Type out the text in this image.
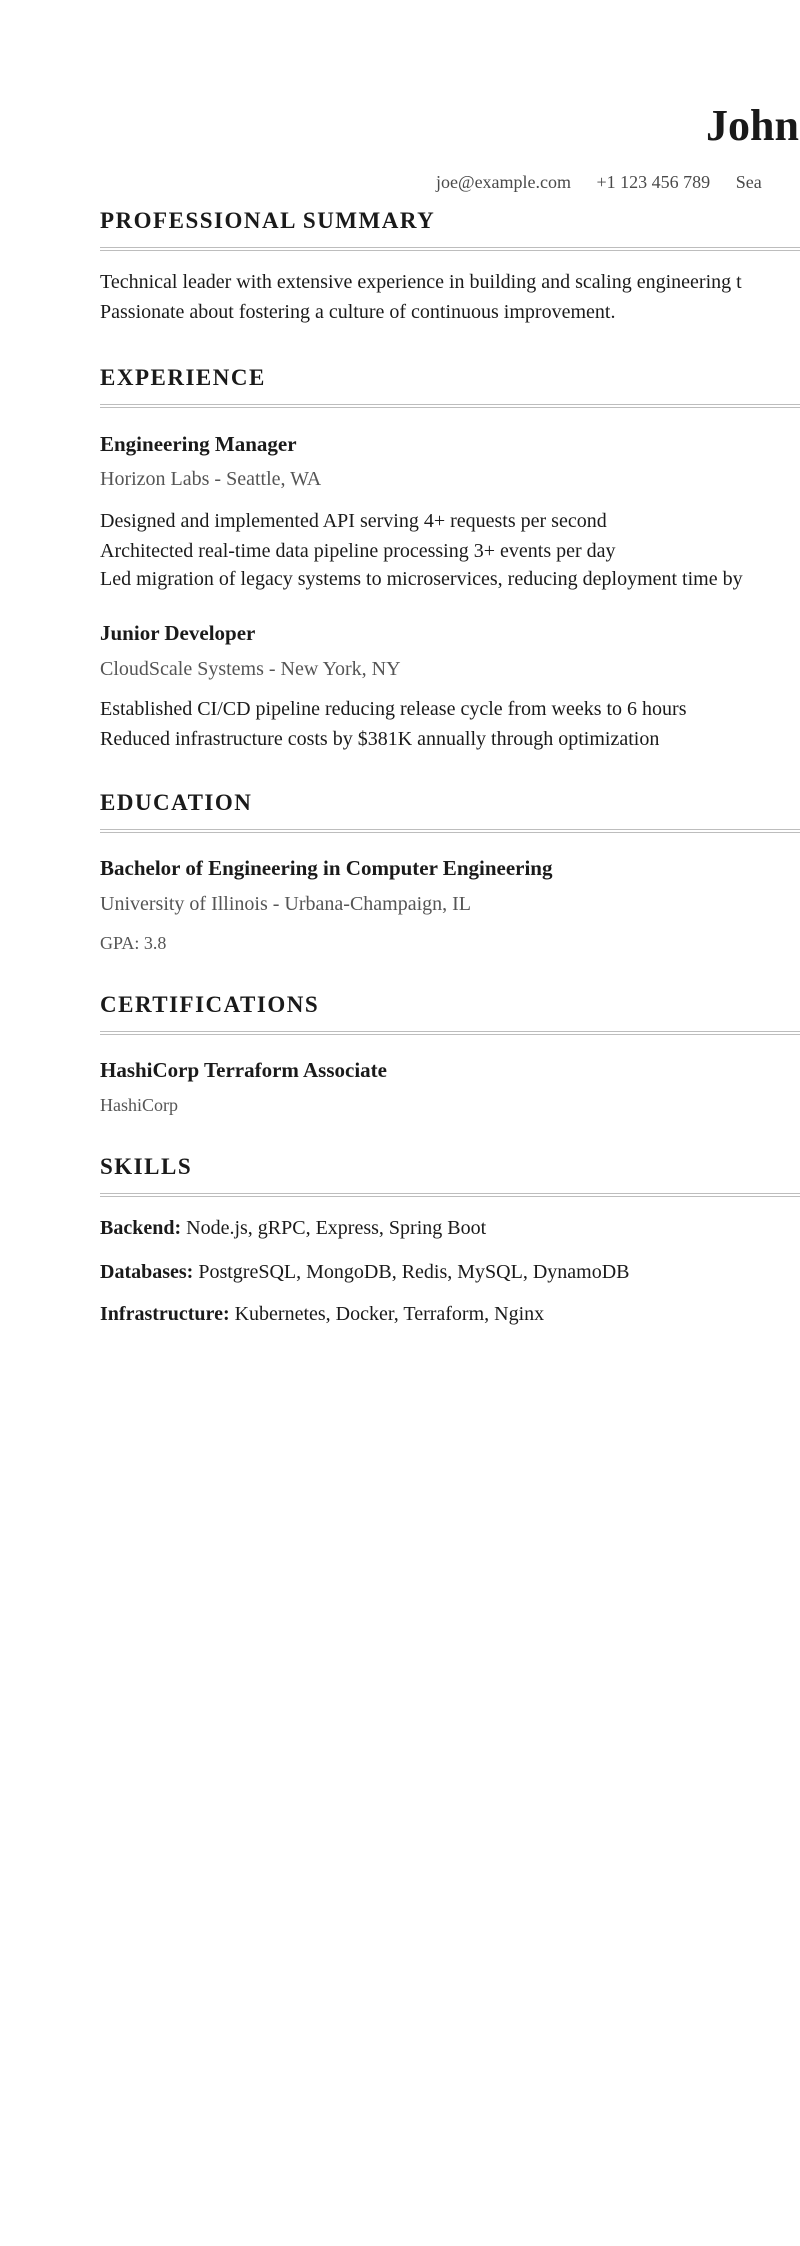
John
joe@example.com +1 123 456 789 Sea
PROFESSIONAL SUMMARY
Technical leader with extensive experience in building and scaling engineering t
Passionate about fostering a culture of continuous improvement.
EXPERIENCE
Engineering Manager
Horizon Labs - Seattle, WA
Designed and implemented API serving 4+ requests per second
Architected real-time data pipeline processing 3+ events per day
Led migration of legacy systems to microservices, reducing deployment time by
Junior Developer
CloudScale Systems - New York, NY
Established CI/CD pipeline reducing release cycle from weeks to 6 hours
Reduced infrastructure costs by $381K annually through optimization
EDUCATION
Bachelor of Engineering in Computer Engineering
University of Illinois - Urbana-Champaign, IL
GPA: 3.8
CERTIFICATIONS
HashiCorp Terraform Associate
HashiCorp
SKILLS
Backend: Node.js, gRPC, Express, Spring Boot
Databases: PostgreSQL, MongoDB, Redis, MySQL, DynamoDB
Infrastructure: Kubernetes, Docker, Terraform, Nginx
